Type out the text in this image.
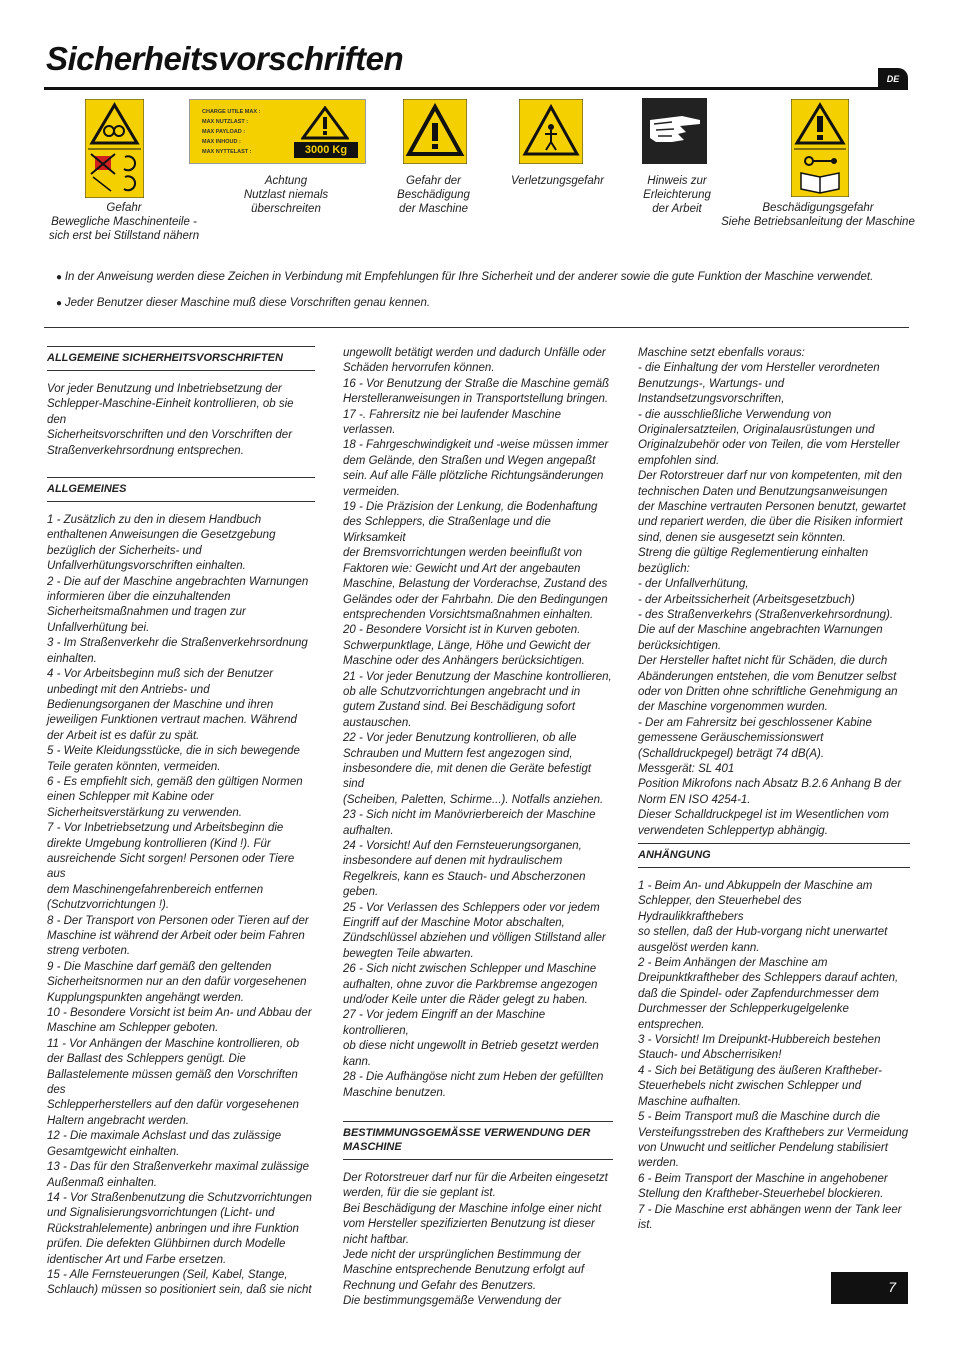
Sicherheitsvorschriften
DE
Gefahr
Bewegliche Maschinenteile -
sich erst bei Stillstand nähern
CHARGE UTILE MAX :
MAX NUTZLAST :
MAX PAYLOAD :
MAX INHOUD :
MAX NYTTELAST :	3000 Kg
Achtung
Nutzlast niemals
überschreiten
Gefahr der
Beschädigung
der Maschine
Verletzungsgefahr	Hinweis zur
Erleichterung
der Arbeit	Beschädigungsgefahr
Siehe Betriebsanleitung der Maschine
● In der Anweisung werden diese Zeichen in Verbindung mit Empfehlungen für Ihre Sicherheit und der anderer sowie die gute Funktion der Maschine verwendet.
● Jeder Benutzer dieser Maschine muß diese Vorschriften genau kennen.
ALLGEMEINE SICHERHEITSVORSCHRIFTEN

Vor jeder Benutzung und Inbetriebsetzung der
Schlepper-Maschine-Einheit kontrollieren, ob sie den
Sicherheitsvorschriften und den Vorschriften der
Straßenverkehrsordnung entsprechen.

ALLGEMEINES

1 - Zusätzlich zu den in diesem Handbuch
enthaltenen Anweisungen die Gesetzgebung
bezüglich der Sicherheits- und
Unfallverhütungsvorschriften einhalten.
2 - Die auf der Maschine angebrachten Warnungen
informieren über die einzuhaltenden
Sicherheitsmaßnahmen und tragen zur
Unfallverhütung bei.
3 - Im Straßenverkehr die Straßenverkehrsordnung
einhalten.
4 - Vor Arbeitsbeginn muß sich der Benutzer
unbedingt mit den Antriebs- und
Bedienungsorganen der Maschine und ihren
jeweiligen Funktionen vertraut machen. Während
der Arbeit ist es dafür zu spät.
5 - Weite Kleidungsstücke, die in sich bewegende
Teile geraten könnten, vermeiden.
6 - Es empfiehlt sich, gemäß den gültigen Normen
einen Schlepper mit Kabine oder
Sicherheitsverstärkung zu verwenden.
7 - Vor Inbetriebsetzung und Arbeitsbeginn die
direkte Umgebung kontrollieren (Kind !). Für
ausreichende Sicht sorgen! Personen oder Tiere aus
dem Maschinengefahrenbereich entfernen
(Schutzvorrichtungen !).
8 - Der Transport von Personen oder Tieren auf der
Maschine ist während der Arbeit oder beim Fahren
streng verboten.
9 - Die Maschine darf gemäß den geltenden
Sicherheitsnormen nur an den dafür vorgesehenen
Kupplungspunkten angehängt werden.
10 - Besondere Vorsicht ist beim An- und Abbau der
Maschine am Schlepper geboten.
11 - Vor Anhängen der Maschine kontrollieren, ob
der Ballast des Schleppers genügt. Die
Ballastelemente müssen gemäß den Vorschriften des
Schlepperherstellers auf den dafür vorgesehenen
Haltern angebracht werden.
12 - Die maximale Achslast und das zulässige
Gesamtgewicht einhalten.
13 - Das für den Straßenverkehr maximal zulässige
Außenmaß einhalten.
14 - Vor Straßenbenutzung die Schutzvorrichtungen
und Signalisierungsvorrichtungen (Licht- und
Rückstrahlelemente) anbringen und ihre Funktion
prüfen. Die defekten Glühbirnen durch Modelle
identischer Art und Farbe ersetzen.
15 - Alle Fernsteuerungen (Seil, Kabel, Stange,
Schlauch) müssen so positioniert sein, daß sie nicht

ungewollt betätigt werden und dadurch Unfälle oder
Schäden hervorrufen können.
16 - Vor Benutzung der Straße die Maschine gemäß
Herstelleranweisungen in Transportstellung bringen.
17 -. Fahrersitz nie bei laufender Maschine verlassen.
18 - Fahrgeschwindigkeit und -weise müssen immer
dem Gelände, den Straßen und Wegen angepaßt
sein. Auf alle Fälle plötzliche Richtungsänderungen
vermeiden.
19 - Die Präzision der Lenkung, die Bodenhaftung
des Schleppers, die Straßenlage und die Wirksamkeit
der Bremsvorrichtungen werden beeinflußt von
Faktoren wie: Gewicht und Art der angebauten
Maschine, Belastung der Vorderachse, Zustand des
Geländes oder der Fahrbahn. Die den Bedingungen
entsprechenden Vorsichtsmaßnahmen einhalten.
20 - Besondere Vorsicht ist in Kurven geboten.
Schwerpunktlage, Länge, Höhe und Gewicht der
Maschine oder des Anhängers berücksichtigen.
21 - Vor jeder Benutzung der Maschine kontrollieren,
ob alle Schutzvorrichtungen angebracht und in
gutem Zustand sind. Bei Beschädigung sofort
austauschen.
22 - Vor jeder Benutzung kontrollieren, ob alle
Schrauben und Muttern fest angezogen sind,
insbesondere die, mit denen die Geräte befestigt sind
(Scheiben, Paletten, Schirme...). Notfalls anziehen.
23 - Sich nicht im Manövrierbereich der Maschine
aufhalten.
24 - Vorsicht! Auf den Fernsteuerungsorganen,
insbesondere auf denen mit hydraulischem
Regelkreis, kann es Stauch- und Abscherzonen
geben.
25 - Vor Verlassen des Schleppers oder vor jedem
Eingriff auf der Maschine Motor abschalten,
Zündschlüssel abziehen und völligen Stillstand aller
bewegten Teile abwarten.
26 - Sich nicht zwischen Schlepper und Maschine
aufhalten, ohne zuvor die Parkbremse angezogen
und/oder Keile unter die Räder gelegt zu haben.
27 - Vor jedem Eingriff an der Maschine kontrollieren,
ob diese nicht ungewollt in Betrieb gesetzt werden
kann.
28 - Die Aufhängöse nicht zum Heben der gefüllten
Maschine benutzen.

BESTIMMUNGSGEMÄSSE VERWENDUNG DER MASCHINE

Der Rotorstreuer darf nur für die Arbeiten eingesetzt
werden, für die sie geplant ist.
Bei Beschädigung der Maschine infolge einer nicht
vom Hersteller spezifizierten Benutzung ist dieser
nicht haftbar.
Jede nicht der ursprünglichen Bestimmung der
Maschine entsprechende Benutzung erfolgt auf
Rechnung und Gefahr des Benutzers.
Die bestimmungsgemäße Verwendung der

Maschine setzt ebenfalls voraus:
- die Einhaltung der vom Hersteller verordneten
Benutzungs-, Wartungs- und
Instandsetzungsvorschriften,
- die ausschließliche Verwendung von
Originalersatzteilen, Originalausrüstungen und
Originalzubehör oder von Teilen, die vom Hersteller
empfohlen sind.
Der Rotorstreuer darf nur von kompetenten, mit den
technischen Daten und Benutzungsanweisungen
der Maschine vertrauten Personen benutzt, gewartet
und repariert werden, die über die Risiken informiert
sind, denen sie ausgesetzt sein könnten.
Streng die gültige Reglementierung einhalten
bezüglich:
- der Unfallverhütung,
- der Arbeitssicherheit (Arbeitsgesetzbuch)
- des Straßenverkehrs (Straßenverkehrsordnung).
Die auf der Maschine angebrachten Warnungen
berücksichtigen.
Der Hersteller haftet nicht für Schäden, die durch
Abänderungen entstehen, die vom Benutzer selbst
oder von Dritten ohne schriftliche Genehmigung an
der Maschine vorgenommen wurden.
- Der am Fahrersitz bei geschlossener Kabine
gemessene Geräuschemissionswert
(Schalldruckpegel) beträgt 74 dB(A).
Messgerät: SL 401
Position Mikrofons nach Absatz B.2.6 Anhang B der
Norm EN ISO 4254-1.
Dieser Schalldruckpegel ist im Wesentlichen vom
verwendeten Schleppertyp abhängig.

ANHÄNGUNG

1 - Beim An- und Abkuppeln der Maschine am
Schlepper, den Steuerhebel des Hydraulikkrafthebers
so stellen, daß der Hub-vorgang nicht unerwartet
ausgelöst werden kann.
2 - Beim Anhängen der Maschine am
Dreipunktkraftheber des Schleppers darauf achten,
daß die Spindel- oder Zapfendurchmesser dem
Durchmesser der Schlepperkugelgelenke
entsprechen.
3 - Vorsicht! Im Dreipunkt-Hubbereich bestehen
Stauch- und Abscherrisiken!
4 - Sich bei Betätigung des äußeren Kraftheber-
Steuerhebels nicht zwischen Schlepper und
Maschine aufhalten.
5 - Beim Transport muß die Maschine durch die
Versteifungsstreben des Krafthebers zur Vermeidung
von Unwucht und seitlicher Pendelung stabilisiert
werden.
6 - Beim Transport der Maschine in angehobener
Stellung den Kraftheber-Steuerhebel blockieren.
7 - Die Maschine erst abhängen wenn der Tank leer
ist.

7
